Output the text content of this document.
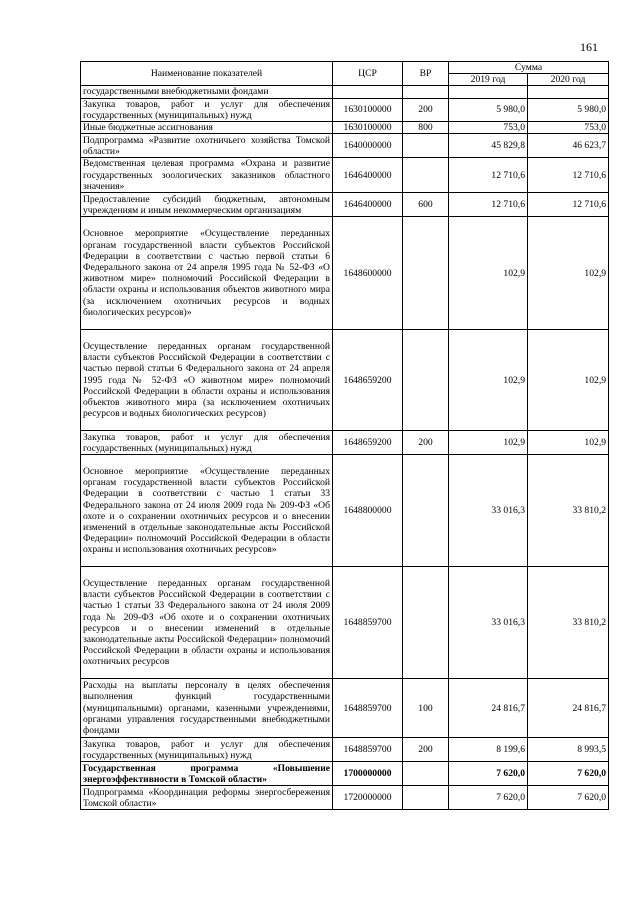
161
Наименование показателей	ЦСР	ВР	Сумма	
			2019 год	2020 год
государственными внебюджетными фондами				
Закупка товаров, работ и услуг для обеспечения государственных (муниципальных) нужд	1630100000	200	5 980,0	5 980,0
Иные бюджетные ассигнования	1630100000	800	753,0	753,0
Подпрограмма «Развитие охотничьего хозяйства Томской области»	1640000000		45 829,8	46 623,7
Ведомственная целевая программа «Охрана и развитие государственных зоологических заказников областного значения»	1646400000		12 710,6	12 710,6
Предоставление субсидий бюджетным, автономным учреждениям и иным некоммерческим организациям	1646400000	600	12 710,6	12 710,6
Основное мероприятие «Осуществление переданных органам государственной власти субъектов Российской Федерации в соответствии с частью первой статьи 6 Федерального закона от 24 апреля 1995 года № 52-ФЗ «О животном мире» полномочий Российской Федерации в области охраны и использования объектов животного мира (за исключением охотничьих ресурсов и водных биологических ресурсов)»	1648600000		102,9	102,9
Осуществление переданных органам государственной власти субъектов Российской Федерации в соответствии с частью первой статьи 6 Федерального закона от 24 апреля 1995 года № 52-ФЗ «О животном мире» полномочий Российской Федерации в области охраны и использования объектов животного мира (за исключением охотничьих ресурсов и водных биологических ресурсов)	1648659200		102,9	102,9
Закупка товаров, работ и услуг для обеспечения государственных (муниципальных) нужд	1648659200	200	102,9	102,9
Основное мероприятие «Осуществление переданных органам государственной власти субъектов Российской Федерации в соответствии с частью 1 статьи 33 Федерального закона от 24 июля 2009 года № 209-ФЗ «Об охоте и о сохранении охотничьих ресурсов и о внесении изменений в отдельные законодательные акты Российской Федерации» полномочий Российской Федерации в области охраны и использования охотничьих ресурсов»	1648800000		33 016,3	33 810,2
Осуществление переданных органам государственной власти субъектов Российской Федерации в соответствии с частью 1 статьи 33 Федерального закона от 24 июля 2009 года № 209-ФЗ «Об охоте и о сохранении охотничьих ресурсов и о внесении изменений в отдельные законодательные акты Российской Федерации» полномочий Российской Федерации в области охраны и использования охотничьих ресурсов	1648859700		33 016,3	33 810,2
Расходы на выплаты персоналу в целях обеспечения выполнения функций государственными (муниципальными) органами, казенными учреждениями, органами управления государственными внебюджетными фондами	1648859700	100	24 816,7	24 816,7
Закупка товаров, работ и услуг для обеспечения государственных (муниципальных) нужд	1648859700	200	8 199,6	8 993,5
Государственная программа «Повышение энергоэффективности в Томской области»	1700000000		7 620,0	7 620,0
Подпрограмма «Координация реформы энергосбережения Томской области»	1720000000		7 620,0	7 620,0
